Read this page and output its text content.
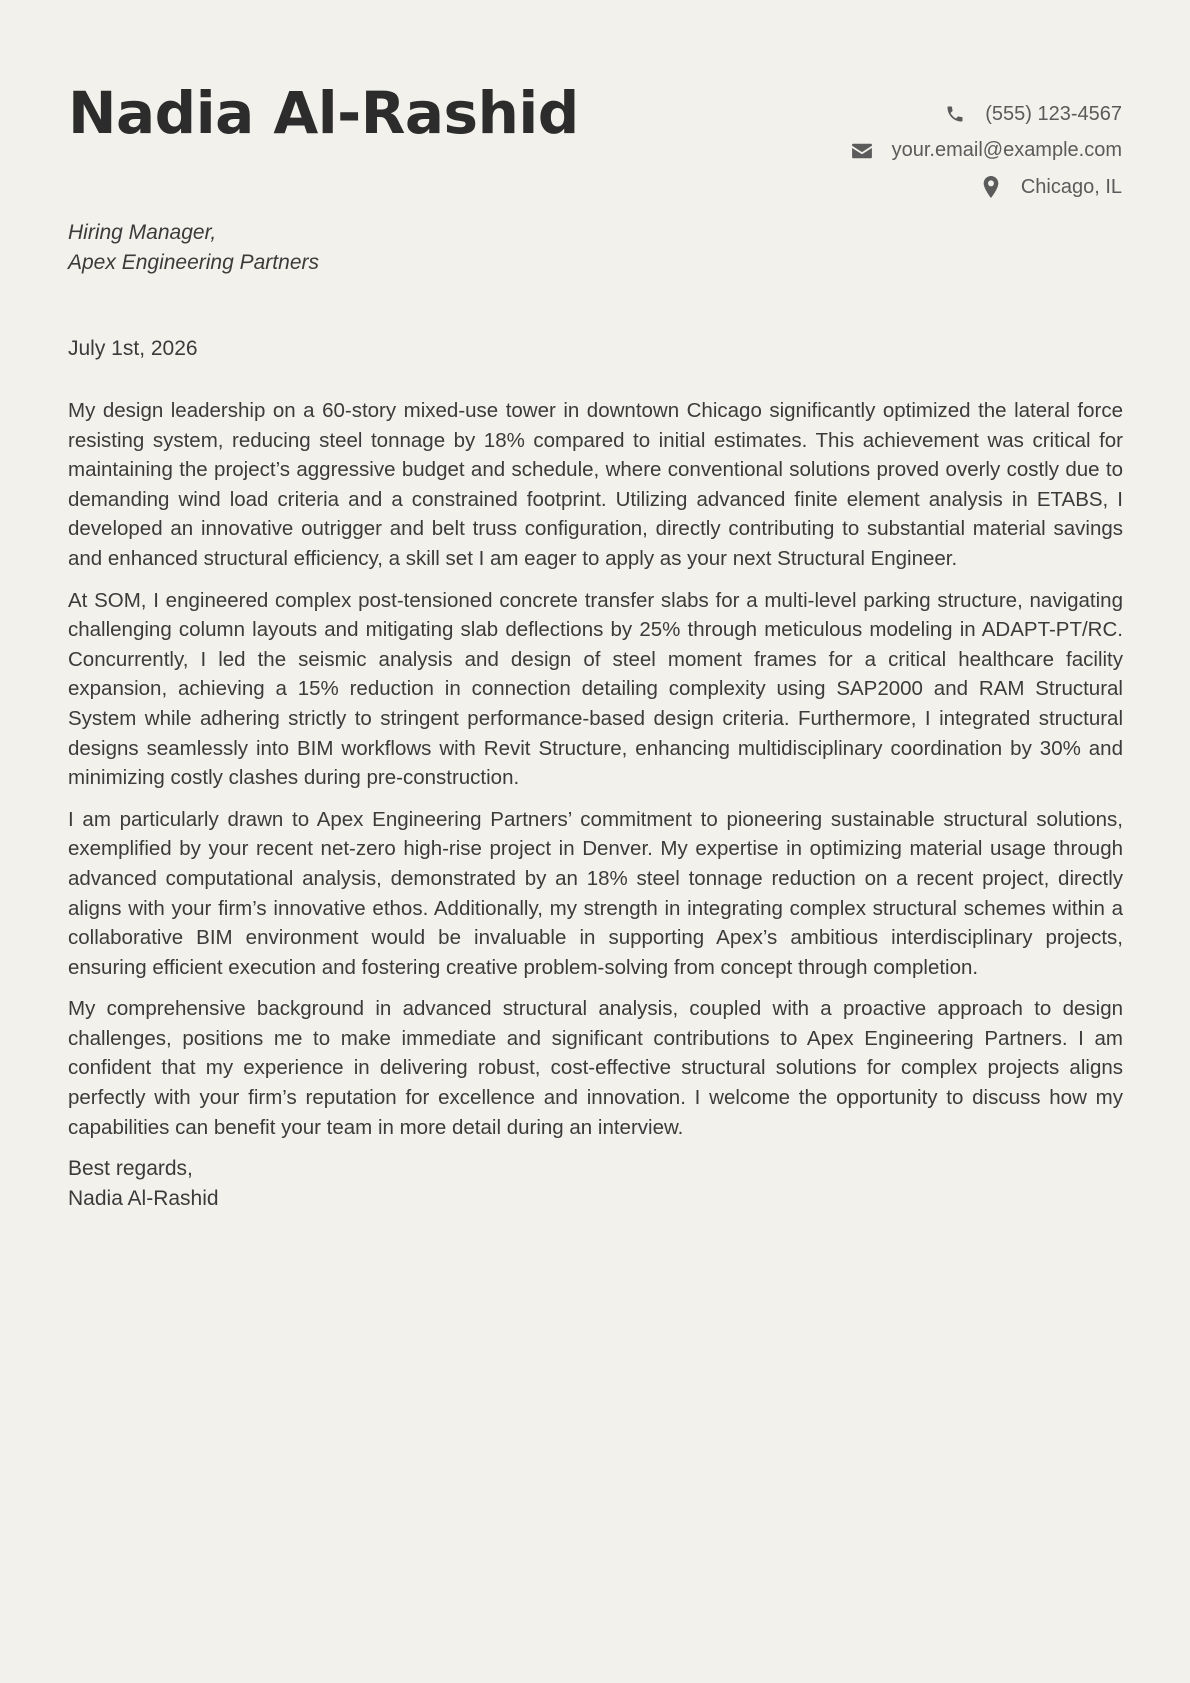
Nadia Al-Rashid	(555) 123-4567
your.email@example.com
Chicago, IL
Hiring Manager,
Apex Engineering Partners
July 1st, 2026

My design leadership on a 60-story mixed-use tower in downtown Chicago significantly optimized the lateral force resisting system, reducing steel tonnage by 18% compared to initial estimates. This achievement was critical for maintaining the project’s aggressive budget and schedule, where conventional solutions proved overly costly due to demanding wind load criteria and a constrained footprint. Utilizing advanced finite element analysis in ETABS, I developed an innovative outrigger and belt truss configuration, directly contributing to substantial material savings and enhanced structural efficiency, a skill set I am eager to apply as your next Structural Engineer.

At SOM, I engineered complex post-tensioned concrete transfer slabs for a multi-level parking structure, navigating challenging column layouts and mitigating slab deflections by 25% through meticulous modeling in ADAPT-PT/RC. Concurrently, I led the seismic analysis and design of steel moment frames for a critical healthcare facility expansion, achieving a 15% reduction in connection detailing complexity using SAP2000 and RAM Structural System while adhering strictly to stringent performance-based design criteria. Furthermore, I integrated structural designs seamlessly into BIM workflows with Revit Structure, enhancing multidisciplinary coordination by 30% and minimizing costly clashes during pre-construction.

I am particularly drawn to Apex Engineering Partners’ commitment to pioneering sustainable structural solutions, exemplified by your recent net-zero high-rise project in Denver. My expertise in optimizing material usage through advanced computational analysis, demonstrated by an 18% steel tonnage reduction on a recent project, directly aligns with your firm’s innovative ethos. Additionally, my strength in integrating complex structural schemes within a collaborative BIM environment would be invaluable in supporting Apex’s ambitious interdisciplinary projects, ensuring efficient execution and fostering creative problem-solving from concept through completion.

My comprehensive background in advanced structural analysis, coupled with a proactive approach to design challenges, positions me to make immediate and significant contributions to Apex Engineering Partners. I am confident that my experience in delivering robust, cost-effective structural solutions for complex projects aligns perfectly with your firm’s reputation for excellence and innovation. I welcome the opportunity to discuss how my capabilities can benefit your team in more detail during an interview.

Best regards,
Nadia Al-Rashid
